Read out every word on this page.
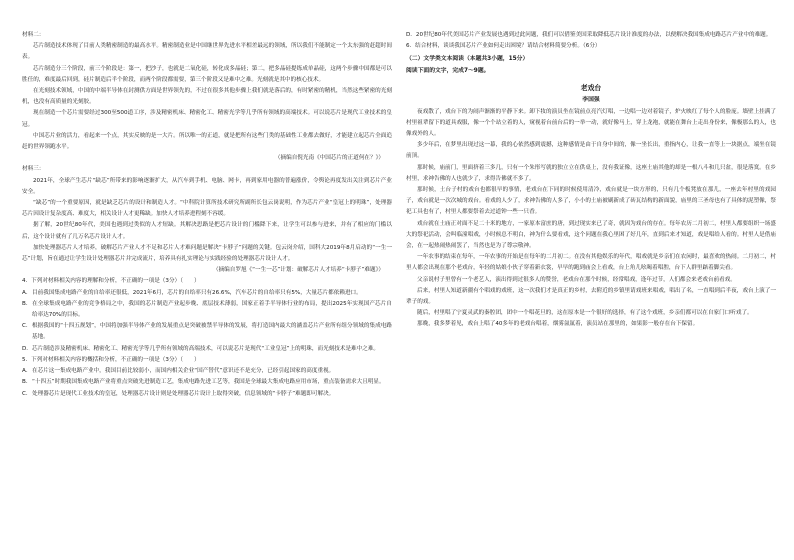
材料二：

芯片制造技术体现了目前人类精密制造的最高水平。精密制造业是中国继世界先进水平相差最远的领域，所以我们不能制定一个太东强的赶超时间表。

芯片制造分三个阶段，前三个阶段是：第一，把沙子，也就是二氧化硅，转化成多晶硅；第二，把多晶硅提练成单晶硅，这两个步骤中国都是可以胜任的，难度最后回到，硅片制造后半个阶段，而两个阶段都需要，第三个阶段又是难中之难。光刻就是其中的核心技术。

在光刻技术领域，中国的中端半导体在封测供方面是世界领先的，不过在很多其他步骤上我们就是落后的，有时紧密的精机，当然这些紧密的光刻机，也没有高质量的光刻胶。

现在制造一个芯片需要经过300至500道工序，涉及精密机床、精密化工、精密光学等几乎所有领域的高端技术。可以说芯片是现代工业技术的皇冠。

中国芯片业的活力，看起来一个点，其实反映的是一大片。所以唯一的正道，就是把所有这些门类的基础性工业都去做好，才能建立起芯片全面追赶的世界领跑水平。

（摘编自倪光南《中国芯片的正道何在？》）

材料三：

2021年，全球产生芯片“缺芯”所带来的影响逐渐扩大，从汽车到手机、电脑、网卡，再到家用电器的普遍涨价，令舆论再度发出关注到芯片产业安全。

“缺芯”的一个重要原因，就是缺乏芯片的设计和制造人才。“中科院计算所技术研究所副所长包云岗说明，作为芯片产业“皇冠上的明珠”，处理器芯片因设计复杂度高、难度大，相关设计人才更稀缺。加快人才培养进程刻不容缓。

据了解，20世纪80年代，美国也遇到过类似的人才短缺。其解决思路是把芯片设计的门槛降下来，让学生可以参与进来，并有了相应的门槛以后，这个设计就有了几万名芯片设计人才。

加快处理器芯片人才培养，破解芯片产业人才不足和芯片人才难问题是解决“卡脖子”问题的关键。包云岗介绍，国科大2019年8月启动的“一生一芯”计划，旨在通过让学生设计处理器芯片并完成流片，培养具有扎实理论与实践经验的处理器芯片设计人才。

（摘编自罗旭《“一生一芯”计划：破解芯片人才培养“卡脖子”难题》）

4．下列对材料相关内容的理解和分析，不正确的一项是（3分）（　　）

A．目前我国集成电路产业的自给率还很低，2021年6月，芯片的自给率只有26.6%，汽车芯片的自给率只有5%，大量芯片都依赖进口。

B．在全球集成电路产业的竞争格局之中，我国的芯片制造产业起步晚、底层技术薄弱，国家正着手半导体行业的布局，提出2025年实现国产芯片自给率达70%的目标。

C．根据我国的“十四五规划”，中国将加强半导体产业的发展重点是突破被禁半导体的发展，将打造国内最大的涵盖芯片产业所有组分领域的集成电路基地。

D．芯片制造涉及精密机床、精密化工、精密光学等几乎所有领域的高端技术，可以说芯片是现代“工业皇冠”上的明珠，而光刻技术是难中之难。

5．下列对材料相关内容的概括和分析，不正确的一项是（3分）（　　）

A．在芯片这一集成电路产业中，我国目前比较弱小，而国内相关企业“国产替代”意识还不是充分，已经引起国家的高度重视。

B．“十四五”时期我国集成电路产业将重点突破先进制造工艺，集成电路先进工艺等，我国是全球最大集成电路应用市场，重点装备需求大且明显。

C．处理器芯片是现代工业技术的皇冠，处理器芯片设计则是处理器芯片设计上取得突破，信息领域的“卡脖子”难题即可解决。

D．20世纪80年代美国芯片产业发展也遇到过此问题，我们可以借鉴美国采取降低芯片设计准度的办法，以便解决我国集成电路芯片产业中的难题。

6．结合材料，谈谈我国芯片产业如何走出困境？请结合材料简要分析。（6分）

（二）文学类文本阅读（本题共3小题，15分）

阅读下面的文字，完成7～9题。

老戏台

李国强

夜戏散了，戏台下的为闹声渐渐的平静下来。卸下妆的演员坐在镜前点亮汽灯唱，一边唱一边对着镜子，炉火映红了每个人的脸庞。墙壁上挂满了村里祖辈留下的道具戏服，像一个个站立着的人，窥视着台前台后的一举一动，就好像马上，穿上龙袍，就能在舞台上走出身份来，像极那么的人，也像戏外的人。

多少年后，在梦里出现过这一幕，我的心依然感到震撼，这种感情是由于自身中间的，像一坐长出，重指内心，让我一直等上一块据点，端坐在镜前顶。

那时候，庙前门，里面挤着三多几，只有一个朱彤写就的独立立在供桌上，没有我证像，这座土庙其他的却是一根八斗和几只盆，很是落寞。在乡村里，求神告佛的人也就少了，求得告佛就不多了。

那时候，土台子村的戏台也都很早的事情，老戏台在下同的时候使用清冷，戏台就是一块方形的，只有几个板凳放在那儿，一座去年村里的戏园子，戏台就是一次次城的戏台。看戏的人少了，求神告佛的人多了，小小的土庙被刷新成了砖瓦结构的新面貌，庙里的三圣母也有了具体的泥塑像，祭祀工具也有了，村里人都要祭着去过道钟一些一只香。

戏台就在土庙正对面不足二十米的地方，一家原本富庶的唐，到过现实来已了奇，就因为戏台的存在。每年农历二月初二，村里人都要组织一场盛大的祭祀活动，会叫临潼唱戏，小时候总不明白，神为什么要看戏，这个问题在我心里困了好几年，直到后来才知道，戏是唱给人看的。村里人是借庙会，在一起热闹热闹罢了，当然也是为了尊宗敬神。

一年农事的结束在每年，一年农事的开始是在每年的二月初二。在没有其他娱乐的年代，唱戏就是乡亲们在农闲时，最喜欢的热闹。二月初二，村里人都会出现在那个老戏台，年轻的姑娘小伙子穿着新衣裳，早早的跑到庙会上看戏，台上角儿吆喝着唱腔，台下人群里踮着脚尖看。

父亲说村子里曾有一个老艺人，演出得到过很多人的赞誉，老戏台在那个时候，经常唱戏，逢年过节，人们都会来老戏台前看戏。

后来，村里人知道新疆有个唱戏的戏班，这一次我们才是真正的乡村，去附近的乡镇里请戏班来唱戏，唱出了名，一直唱到后半夜，戏台上演了一辈子的戏。

随后，村里唱了宁夏灵武的秦腔团，团中一个唱花旦的，这在原本是一个很好的选择，有了这个戏班，乡亲们都可以在自家门口听戏了。

那晚，我多梦着见，戏台上唱了40多年的老戏台唱着，烟雾氤氲着，演员站在那里的，如果影一般存在台下保留。
